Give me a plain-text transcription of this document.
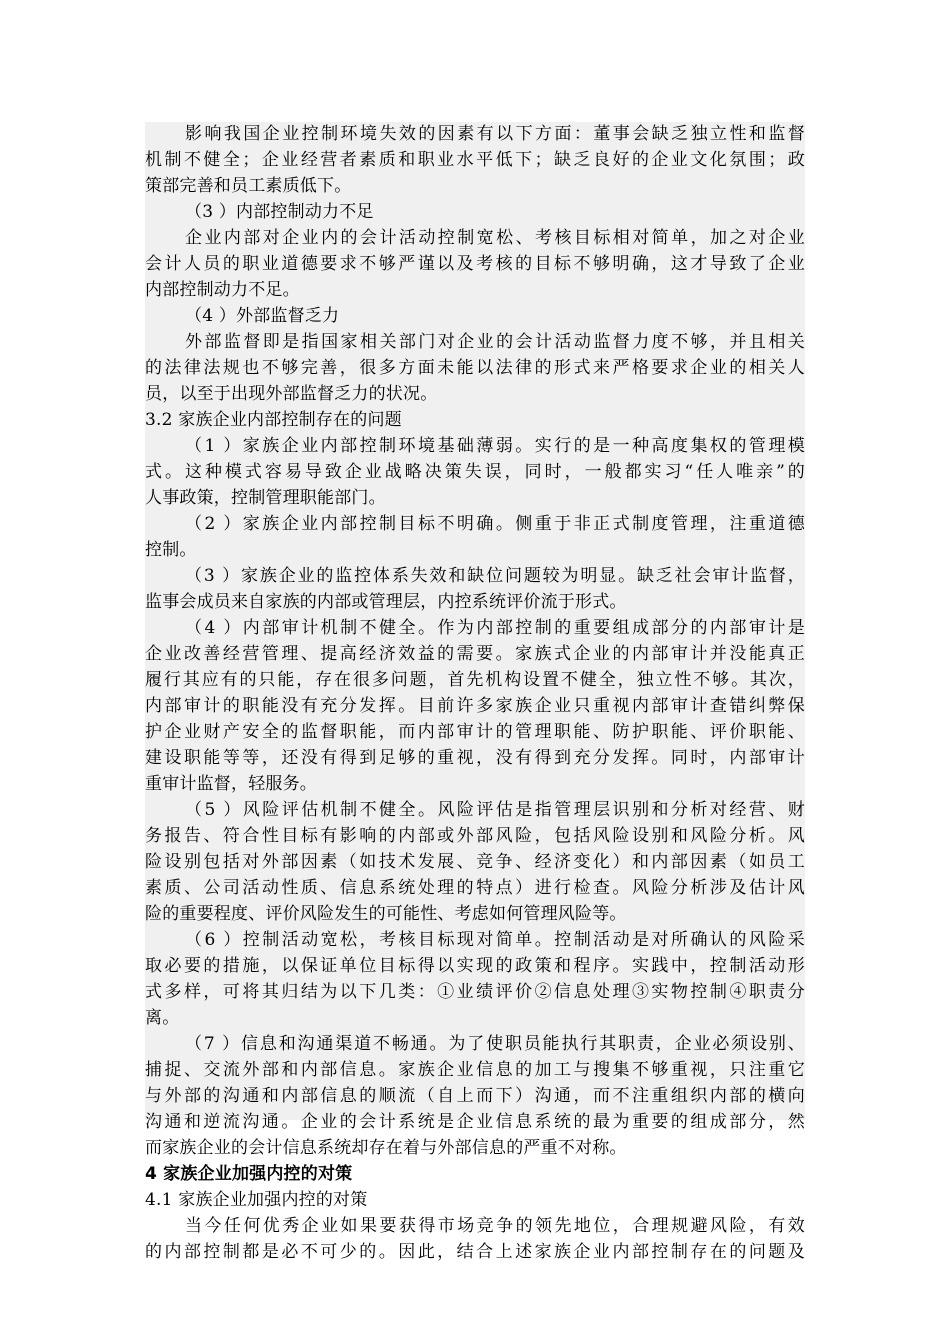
影响我国企业控制环境失效的因素有以下方面：董事会缺乏独立性和监督
机制不健全；企业经营者素质和职业水平低下；缺乏良好的企业文化氛围；政
策部完善和员工素质低下。
（3 ）内部控制动力不足
企业内部对企业内的会计活动控制宽松、考核目标相对简单，加之对企业
会计人员的职业道德要求不够严谨以及考核的目标不够明确，这才导致了企业
内部控制动力不足。
（4 ）外部监督乏力
外部监督即是指国家相关部门对企业的会计活动监督力度不够，并且相关
的法律法规也不够完善，很多方面未能以法律的形式来严格要求企业的相关人
员，以至于出现外部监督乏力的状况。
3.2 家族企业内部控制存在的问题
（1 ）家族企业内部控制环境基础薄弱。实行的是一种高度集权的管理模
式。这种模式容易导致企业战略决策失误，同时，一般都实习“任人唯亲”的
人事政策，控制管理职能部门。
（2 ）家族企业内部控制目标不明确。侧重于非正式制度管理，注重道德
控制。
（3 ）家族企业的监控体系失效和缺位问题较为明显。缺乏社会审计监督，
监事会成员来自家族的内部或管理层，内控系统评价流于形式。
（4 ）内部审计机制不健全。作为内部控制的重要组成部分的内部审计是
企业改善经营管理、提高经济效益的需要。家族式企业的内部审计并没能真正
履行其应有的只能，存在很多问题，首先机构设置不健全，独立性不够。其次，
内部审计的职能没有充分发挥。目前许多家族企业只重视内部审计查错纠弊保
护企业财产安全的监督职能，而内部审计的管理职能、防护职能、评价职能、
建设职能等等，还没有得到足够的重视，没有得到充分发挥。同时，内部审计
重审计监督，轻服务。
（5 ）风险评估机制不健全。风险评估是指管理层识别和分析对经营、财
务报告、符合性目标有影响的内部或外部风险，包括风险设别和风险分析。风
险设别包括对外部因素（如技术发展、竞争、经济变化）和内部因素（如员工
素质、公司活动性质、信息系统处理的特点）进行检查。风险分析涉及估计风
险的重要程度、评价风险发生的可能性、考虑如何管理风险等。
（6 ）控制活动宽松，考核目标现对简单。控制活动是对所确认的风险采
取必要的措施，以保证单位目标得以实现的政策和程序。实践中，控制活动形
式多样，可将其归结为以下几类：①业绩评价②信息处理③实物控制④职责分
离。
（7 ）信息和沟通渠道不畅通。为了使职员能执行其职责，企业必须设别、
捕捉、交流外部和内部信息。家族企业信息的加工与搜集不够重视，只注重它
与外部的沟通和内部信息的顺流（自上而下）沟通，而不注重组织内部的横向
沟通和逆流沟通。企业的会计系统是企业信息系统的最为重要的组成部分，然
而家族企业的会计信息系统却存在着与外部信息的严重不对称。
4 家族企业加强内控的对策
4.1 家族企业加强内控的对策
当今任何优秀企业如果要获得市场竞争的领先地位，合理规避风险，有效
的内部控制都是必不可少的。因此，结合上述家族企业内部控制存在的问题及
